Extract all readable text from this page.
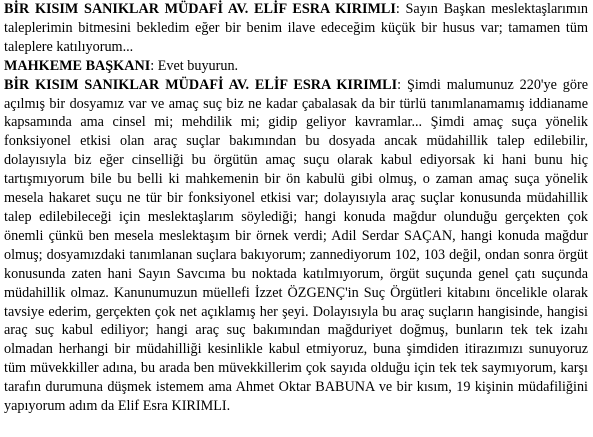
BİR KISIM SANIKLAR MÜDAFİ AV. ELİF ESRA KIRIMLI: Sayın Başkan meslektaşlarımın taleplerimin bitmesini bekledim eğer bir benim ilave edeceğim küçük bir husus var; tamamen tüm taleplere katılıyorum...

MAHKEME BAŞKANI: Evet buyurun.

BİR KISIM SANIKLAR MÜDAFİ AV. ELİF ESRA KIRIMLI: Şimdi malumunuz 220'ye göre açılmış bir dosyamız var ve amaç suç biz ne kadar çabalasak da bir türlü tanımlanamamış iddianame kapsamında ama cinsel mi; mehdilik mi; gidip geliyor kavramlar... Şimdi amaç suça yönelik fonksiyonel etkisi olan araç suçlar bakımından bu dosyada ancak müdahillik talep edilebilir, dolayısıyla biz eğer cinselliği bu örgütün amaç suçu olarak kabul ediyorsak ki hani bunu hiç tartışmıyorum bile bu belli ki mahkemenin bir ön kabulü gibi olmuş, o zaman amaç suça yönelik mesela hakaret suçu ne tür bir fonksiyonel etkisi var; dolayısıyla araç suçlar konusunda müdahillik talep edilebileceği için meslektaşlarım söylediği; hangi konuda mağdur olunduğu gerçekten çok önemli çünkü ben mesela meslektaşım bir örnek verdi; Adil Serdar SAÇAN, hangi konuda mağdur olmuş; dosyamızdaki tanımlanan suçlara bakıyorum; zannediyorum 102, 103 değil, ondan sonra örgüt konusunda zaten hani Sayın Savcıma bu noktada katılmıyorum, örgüt suçunda genel çatı suçunda müdahillik olmaz. Kanunumuzun müellefi İzzet ÖZGENÇ'in Suç Örgütleri kitabını öncelikle olarak tavsiye ederim, gerçekten çok net açıklamış her şeyi. Dolayısıyla bu araç suçların hangisinde, hangisi araç suç kabul ediliyor; hangi araç suç bakımından mağduriyet doğmuş, bunların tek tek izahı olmadan herhangi bir müdahilliği kesinlikle kabul etmiyoruz, buna şimdiden itirazımızı sunuyoruz tüm müvekkiller adına, bu arada ben müvekkillerim çok sayıda olduğu için tek tek saymıyorum, karşı tarafın durumuna düşmek istemem ama Ahmet Oktar BABUNA ve bir kısım, 19 kişinin müdafiliğini yapıyorum adım da Elif Esra KIRIMLI.
